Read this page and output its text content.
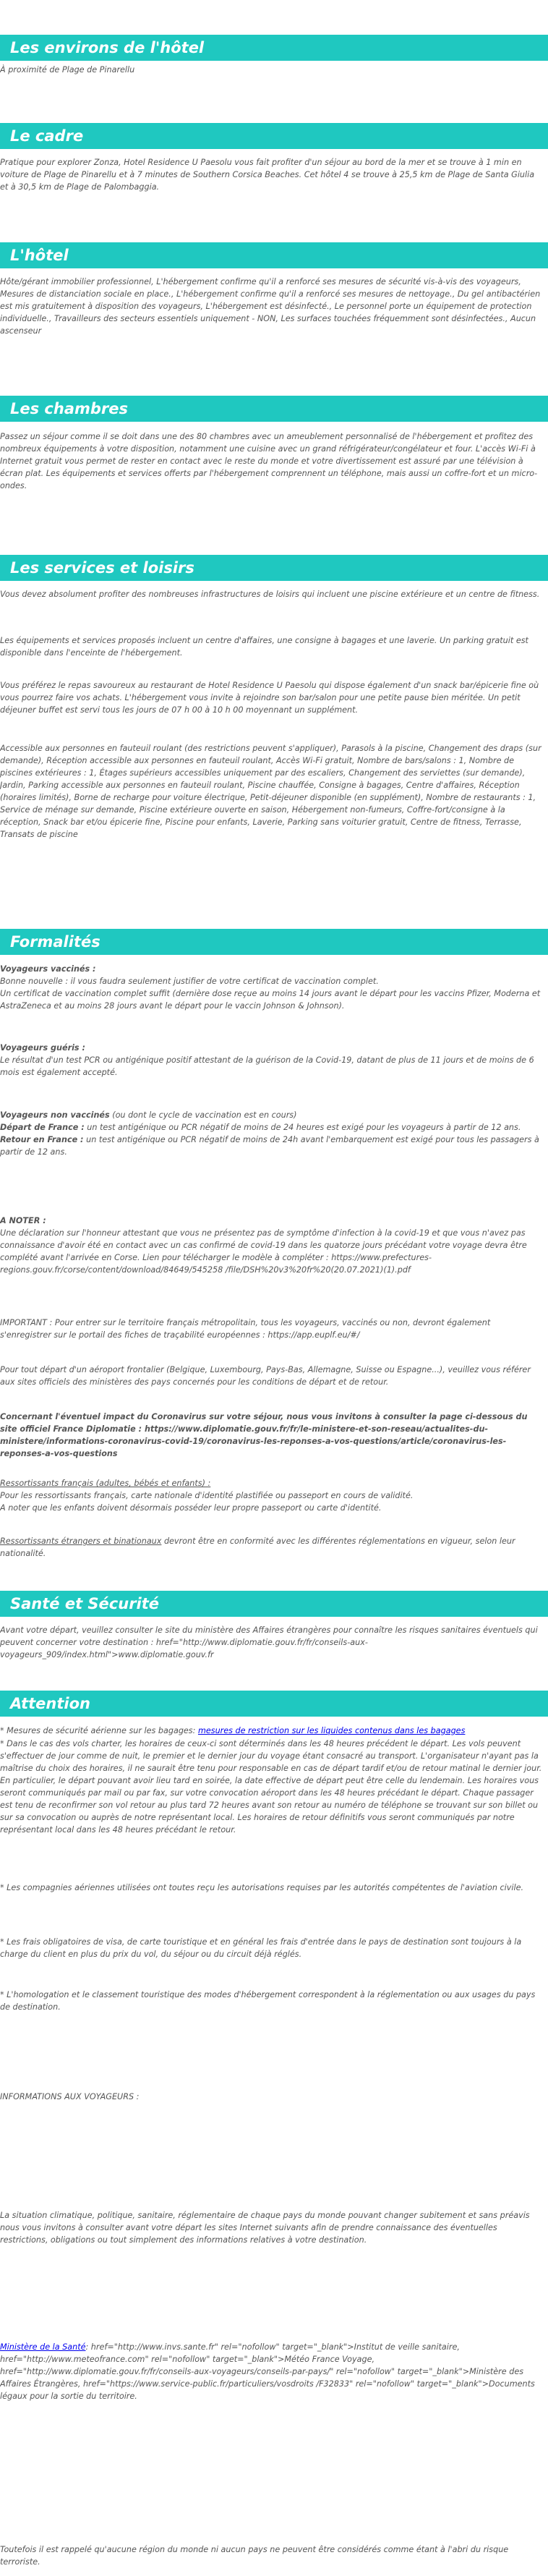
Les environs de l'hôtel

À proximité de Plage de Pinarellu

Le cadre

Pratique pour explorer Zonza, Hotel Residence U Paesolu vous fait profiter d'un séjour au bord de la mer et se trouve à 1 min en voiture de Plage de Pinarellu et à 7 minutes de Southern Corsica Beaches. Cet hôtel 4 se trouve à 25,5 km de Plage de Santa Giulia et à 30,5 km de Plage de Palombaggia.

L'hôtel

Hôte/gérant immobilier professionnel, L'hébergement confirme qu'il a renforcé ses mesures de sécurité vis-à-vis des voyageurs, Mesures de distanciation sociale en place., L'hébergement confirme qu'il a renforcé ses mesures de nettoyage., Du gel antibactérien est mis gratuitement à disposition des voyageurs, L'hébergement est désinfecté., Le personnel porte un équipement de protection individuelle., Travailleurs des secteurs essentiels uniquement - NON, Les surfaces touchées fréquemment sont désinfectées., Aucun ascenseur

Les chambres

Passez un séjour comme il se doit dans une des 80 chambres avec un ameublement personnalisé de l'hébergement et profitez des nombreux équipements à votre disposition, notamment une cuisine avec un grand réfrigérateur/congélateur et four. L'accès Wi-Fi à Internet gratuit vous permet de rester en contact avec le reste du monde et votre divertissement est assuré par une télévision à écran plat. Les équipements et services offerts par l'hébergement comprennent un téléphone, mais aussi un coffre-fort et un micro-ondes.

Les services et loisirs

Vous devez absolument profiter des nombreuses infrastructures de loisirs qui incluent une piscine extérieure et un centre de fitness.

Les équipements et services proposés incluent un centre d'affaires, une consigne à bagages et une laverie. Un parking gratuit est disponible dans l'enceinte de l'hébergement.

Vous préférez le repas savoureux au restaurant de Hotel Residence U Paesolu qui dispose également d'un snack bar/épicerie fine où vous pourrez faire vos achats. L'hébergement vous invite à rejoindre son bar/salon pour une petite pause bien méritée. Un petit déjeuner buffet est servi tous les jours de 07 h 00 à 10 h 00 moyennant un supplément.

Accessible aux personnes en fauteuil roulant (des restrictions peuvent s'appliquer), Parasols à la piscine, Changement des draps (sur demande), Réception accessible aux personnes en fauteuil roulant, Accès Wi-Fi gratuit, Nombre de bars/salons : 1, Nombre de piscines extérieures : 1, Étages supérieurs accessibles uniquement par des escaliers, Changement des serviettes (sur demande), Jardin, Parking accessible aux personnes en fauteuil roulant, Piscine chauffée, Consigne à bagages, Centre d'affaires, Réception (horaires limités), Borne de recharge pour voiture électrique, Petit-déjeuner disponible (en supplément), Nombre de restaurants : 1, Service de ménage sur demande, Piscine extérieure ouverte en saison, Hébergement non-fumeurs, Coffre-fort/consigne à la réception, Snack bar et/ou épicerie fine, Piscine pour enfants, Laverie, Parking sans voiturier gratuit, Centre de fitness, Terrasse, Transats de piscine

Formalités

Voyageurs vaccinés :

Bonne nouvelle : il vous faudra seulement justifier de votre certificat de vaccination complet.

Un certificat de vaccination complet suffit (dernière dose reçue au moins 14 jours avant le départ pour les vaccins Pfizer, Moderna et AstraZeneca et au moins 28 jours avant le départ pour le vaccin Johnson & Johnson).

Voyageurs guéris :

Le résultat d'un test PCR ou antigénique positif attestant de la guérison de la Covid-19, datant de plus de 11 jours et de moins de 6 mois est également accepté.

Voyageurs non vaccinés (ou dont le cycle de vaccination est en cours)

Départ de France : un test antigénique ou PCR négatif de moins de 24 heures est exigé pour les voyageurs à partir de 12 ans.

Retour en France : un test antigénique ou PCR négatif de moins de 24h avant l'embarquement est exigé pour tous les passagers à partir de 12 ans.

A NOTER :

Une déclaration sur l'honneur attestant que vous ne présentez pas de symptôme d'infection à la covid-19 et que vous n'avez pas connaissance d'avoir été en contact avec un cas confirmé de covid-19 dans les quatorze jours précédant votre voyage devra être complété avant l'arrivée en Corse. Lien pour télécharger le modèle à compléter : https://www.prefectures-regions.gouv.fr/corse/content/download/84649/545258 /file/DSH%20v3%20fr%20(20.07.2021)(1).pdf

IMPORTANT : Pour entrer sur le territoire français métropolitain, tous les voyageurs, vaccinés ou non, devront également s'enregistrer sur le portail des fiches de traçabilité européennes : https://app.euplf.eu/#/

Pour tout départ d'un aéroport frontalier (Belgique, Luxembourg, Pays-Bas, Allemagne, Suisse ou Espagne...), veuillez vous référer aux sites officiels des ministères des pays concernés pour les conditions de départ et de retour.

Concernant l'éventuel impact du Coronavirus sur votre séjour, nous vous invitons à consulter la page ci-dessous du site officiel France Diplomatie : https://www.diplomatie.gouv.fr/fr/le-ministere-et-son-reseau/actualites-du-ministere/informations-coronavirus-covid-19/coronavirus-les-reponses-a-vos-questions/article/coronavirus-les-reponses-a-vos-questions

Ressortissants français (adultes, bébés et enfants) :

Pour les ressortissants français, carte nationale d'identité plastifiée ou passeport en cours de validité.

A noter que les enfants doivent désormais posséder leur propre passeport ou carte d'identité.

Ressortissants étrangers et binationaux devront être en conformité avec les différentes réglementations en vigueur, selon leur nationalité.

Santé et Sécurité

Avant votre départ, veuillez consulter le site du ministère des Affaires étrangères pour connaître les risques sanitaires éventuels qui peuvent concerner votre destination : href="http://www.diplomatie.gouv.fr/fr/conseils-aux-voyageurs_909/index.html">www.diplomatie.gouv.fr

Attention

* Mesures de sécurité aérienne sur les bagages: mesures de restriction sur les liquides contenus dans les bagages

* Dans le cas des vols charter, les horaires de ceux-ci sont déterminés dans les 48 heures précédent le départ. Les vols peuvent s'effectuer de jour comme de nuit, le premier et le dernier jour du voyage étant consacré au transport. L'organisateur n'ayant pas la maîtrise du choix des horaires, il ne saurait être tenu pour responsable en cas de départ tardif et/ou de retour matinal le dernier jour. En particulier, le départ pouvant avoir lieu tard en soirée, la date effective de départ peut être celle du lendemain. Les horaires vous seront communiqués par mail ou par fax, sur votre convocation aéroport dans les 48 heures précédant le départ. Chaque passager est tenu de reconfirmer son vol retour au plus tard 72 heures avant son retour au numéro de téléphone se trouvant sur son billet ou sur sa convocation ou auprès de notre représentant local. Les horaires de retour définitifs vous seront communiqués par notre représentant local dans les 48 heures précédant le retour.

* Les compagnies aériennes utilisées ont toutes reçu les autorisations requises par les autorités compétentes de l'aviation civile.

* Les frais obligatoires de visa, de carte touristique et en général les frais d'entrée dans le pays de destination sont toujours à la charge du client en plus du prix du vol, du séjour ou du circuit déjà réglés.

* L'homologation et le classement touristique des modes d'hébergement correspondent à la réglementation ou aux usages du pays de destination.

INFORMATIONS AUX VOYAGEURS :

La situation climatique, politique, sanitaire, réglementaire de chaque pays du monde pouvant changer subitement et sans préavis nous vous invitons à consulter avant votre départ les sites Internet suivants afin de prendre connaissance des éventuelles restrictions, obligations ou tout simplement des informations relatives à votre destination.

Ministère de la Santé: href="http://www.invs.sante.fr" rel="nofollow" target="_blank">Institut de veille sanitaire, href="http://www.meteofrance.com" rel="nofollow" target="_blank">Météo France Voyage, href="http://www.diplomatie.gouv.fr/fr/conseils-aux-voyageurs/conseils-par-pays/" rel="nofollow" target="_blank">Ministère des Affaires Étrangères, href="https://www.service-public.fr/particuliers/vosdroits /F32833" rel="nofollow" target="_blank">Documents légaux pour la sortie du territoire.

Toutefois il est rappelé qu'aucune région du monde ni aucun pays ne peuvent être considérés comme étant à l'abri du risque terroriste.
